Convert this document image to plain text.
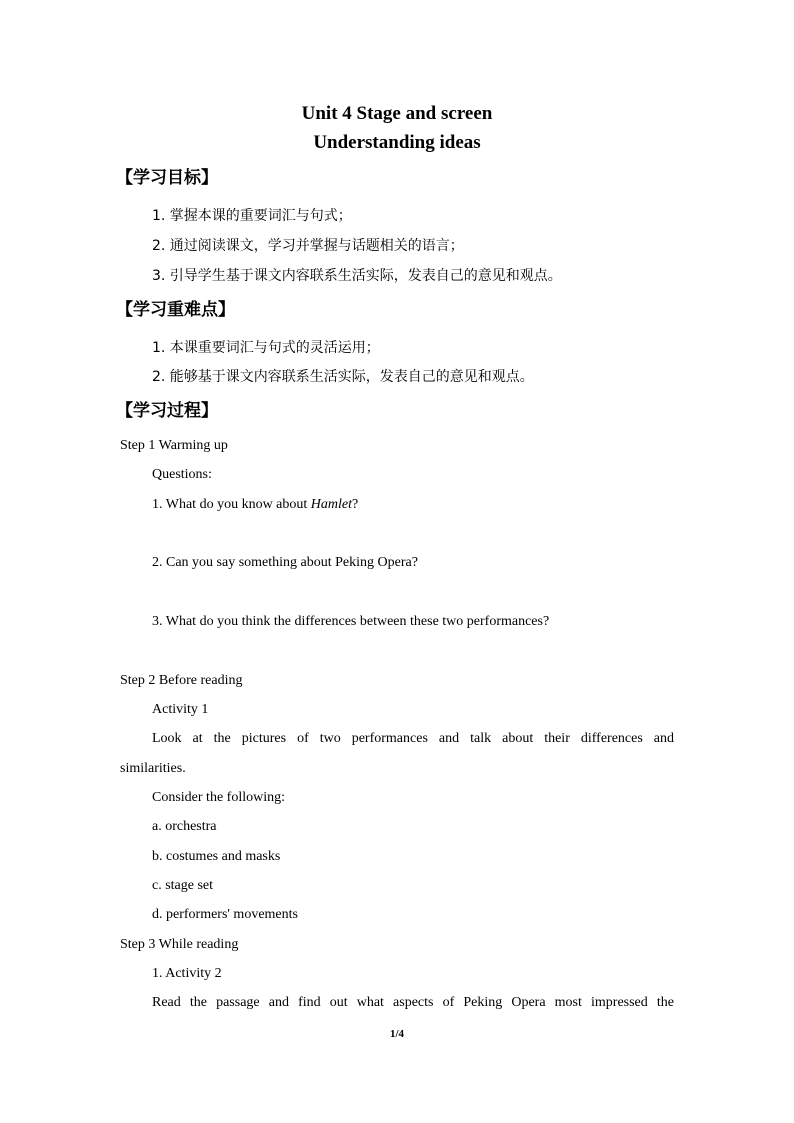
Unit 4 Stage and screen
Understanding ideas
【学习目标】
1. 掌握本课的重要词汇与句式；
2. 通过阅读课文，学习并掌握与话题相关的语言；
3. 引导学生基于课文内容联系生活实际，发表自己的意见和观点。
【学习重难点】
1. 本课重要词汇与句式的灵活运用；
2. 能够基于课文内容联系生活实际，发表自己的意见和观点。
【学习过程】
Step 1 Warming up
Questions:
1. What do you know about Hamlet?
2. Can you say something about Peking Opera?
3. What do you think the differences between these two performances?
Step 2 Before reading
Activity 1
Look at the pictures of two performances and talk about their differences and
similarities.
Consider the following:
a. orchestra
b. costumes and masks
c. stage set
d. performers' movements
Step 3 While reading
1. Activity 2
Read the passage and find out what aspects of Peking Opera most impressed the
1/4
